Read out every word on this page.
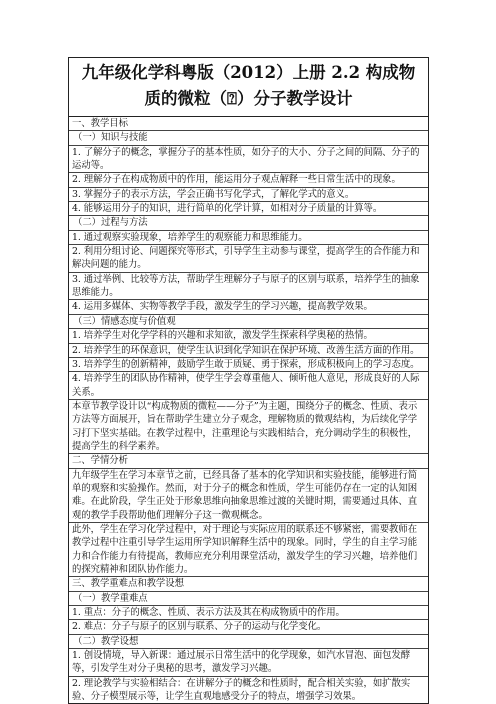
九年级化学科粤版（2012）上册 2.2 构成物质的微粒（⍰）分子教学设计
一、教学目标
（一）知识与技能
1. 了解分子的概念，掌握分子的基本性质，如分子的大小、分子之间的间隔、分子的运动等。
2. 理解分子在构成物质中的作用，能运用分子观点解释一些日常生活中的现象。
3. 掌握分子的表示方法，学会正确书写化学式，了解化学式的意义。
4. 能够运用分子的知识，进行简单的化学计算，如相对分子质量的计算等。
（二）过程与方法
1. 通过观察实验现象，培养学生的观察能力和思维能力。
2. 利用分组讨论、问题探究等形式，引导学生主动参与课堂，提高学生的合作能力和解决问题的能力。
3. 通过举例、比较等方法，帮助学生理解分子与原子的区别与联系，培养学生的抽象思维能力。
4. 运用多媒体、实物等教学手段，激发学生的学习兴趣，提高教学效果。
（三）情感态度与价值观
1. 培养学生对化学学科的兴趣和求知欲，激发学生探索科学奥秘的热情。
2. 培养学生的环保意识，使学生认识到化学知识在保护环境、改善生活方面的作用。
3. 培养学生的创新精神，鼓励学生敢于质疑、勇于探索，形成积极向上的学习态度。
4. 培养学生的团队协作精神，使学生学会尊重他人、倾听他人意见，形成良好的人际关系。
本章节教学设计以“构成物质的微粒——分子”为主题，围绕分子的概念、性质、表示方法等方面展开，旨在帮助学生建立分子观念，理解物质的微观结构，为后续化学学习打下坚实基础。在教学过程中，注重理论与实践相结合，充分调动学生的积极性，提高学生的科学素养。
二、学情分析
九年级学生在学习本章节之前，已经具备了基本的化学知识和实验技能，能够进行简单的观察和实验操作。然而，对于分子的概念和性质，学生可能仍存在一定的认知困难。在此阶段，学生正处于形象思维向抽象思维过渡的关键时期，需要通过具体、直观的教学手段帮助他们理解分子这一微观概念。
此外，学生在学习化学过程中，对于理论与实际应用的联系还不够紧密，需要教师在教学过程中注重引导学生运用所学知识解释生活中的现象。同时，学生的自主学习能力和合作能力有待提高，教师应充分利用课堂活动，激发学生的学习兴趣，培养他们的探究精神和团队协作能力。
三、教学重难点和教学设想
（一）教学重难点
1. 重点：分子的概念、性质、表示方法及其在构成物质中的作用。
2. 难点：分子与原子的区别与联系、分子的运动与化学变化。
（二）教学设想
1. 创设情境，导入新课：通过展示日常生活中的化学现象，如汽水冒泡、面包发酵等，引发学生对分子奥秘的思考，激发学习兴趣。
2. 理论教学与实验相结合：在讲解分子的概念和性质时，配合相关实验，如扩散实验、分子模型展示等，让学生直观地感受分子的特点，增强学习效果。
